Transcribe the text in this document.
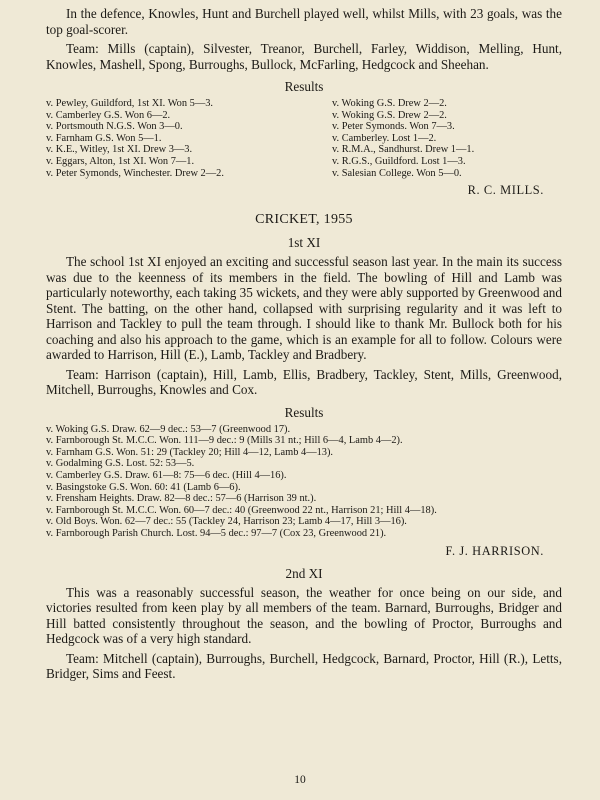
In the defence, Knowles, Hunt and Burchell played well, whilst Mills, with 23 goals, was the top goal-scorer.

Team: Mills (captain), Silvester, Treanor, Burchell, Farley, Widdison, Melling, Hunt, Knowles, Mashell, Spong, Burroughs, Bullock, McFarling, Hedgcock and Sheehan.

Results
v. Pewley, Guildford, 1st XI. Won 5—3.
v. Camberley G.S. Won 6—2.
v. Portsmouth N.G.S. Won 3—0.
v. Farnham G.S. Won 5—1.
v. K.E., Witley, 1st XI. Drew 3—3.
v. Eggars, Alton, 1st XI. Won 7—1.
v. Peter Symonds, Winchester. Drew 2—2.
v. Woking G.S. Drew 2—2.
v. Woking G.S. Drew 2—2.
v. Peter Symonds. Won 7—3.
v. Camberley. Lost 1—2.
v. R.M.A., Sandhurst. Drew 1—1.
v. R.G.S., Guildford. Lost 1—3.
v. Salesian College. Won 5—0.
R. C. MILLS.
CRICKET, 1955
1st XI

The school 1st XI enjoyed an exciting and successful season last year. In the main its success was due to the keenness of its members in the field. The bowling of Hill and Lamb was particularly noteworthy, each taking 35 wickets, and they were ably supported by Greenwood and Stent. The batting, on the other hand, collapsed with surprising regularity and it was left to Harrison and Tackley to pull the team through. I should like to thank Mr. Bullock both for his coaching and also his approach to the game, which is an example for all to follow. Colours were awarded to Harrison, Hill (E.), Lamb, Tackley and Bradbery.

Team: Harrison (captain), Hill, Lamb, Ellis, Bradbery, Tackley, Stent, Mills, Greenwood, Mitchell, Burroughs, Knowles and Cox.

Results
v. Woking G.S. Draw. 62—9 dec.: 53—7 (Greenwood 17).
v. Farnborough St. M.C.C. Won. 111—9 dec.: 9 (Mills 31 nt.; Hill 6—4, Lamb 4—2).
v. Farnham G.S. Won. 51: 29 (Tackley 20; Hill 4—12, Lamb 4—13).
v. Godalming G.S. Lost. 52: 53—5.
v. Camberley G.S. Draw. 61—8: 75—6 dec. (Hill 4—16).
v. Basingstoke G.S. Won. 60: 41 (Lamb 6—6).
v. Frensham Heights. Draw. 82—8 dec.: 57—6 (Harrison 39 nt.).
v. Farnborough St. M.C.C. Won. 60—7 dec.: 40 (Greenwood 22 nt., Harrison 21; Hill 4—18).
v. Old Boys. Won. 62—7 dec.: 55 (Tackley 24, Harrison 23; Lamb 4—17, Hill 3—16).
v. Farnborough Parish Church. Lost. 94—5 dec.: 97—7 (Cox 23, Greenwood 21).
F. J. HARRISON.
2nd XI

This was a reasonably successful season, the weather for once being on our side, and victories resulted from keen play by all members of the team. Barnard, Burroughs, Bridger and Hill batted consistently throughout the season, and the bowling of Proctor, Burroughs and Hedgcock was of a very high standard.

Team: Mitchell (captain), Burroughs, Burchell, Hedgcock, Barnard, Proctor, Hill (R.), Letts, Bridger, Sims and Feest.

10
